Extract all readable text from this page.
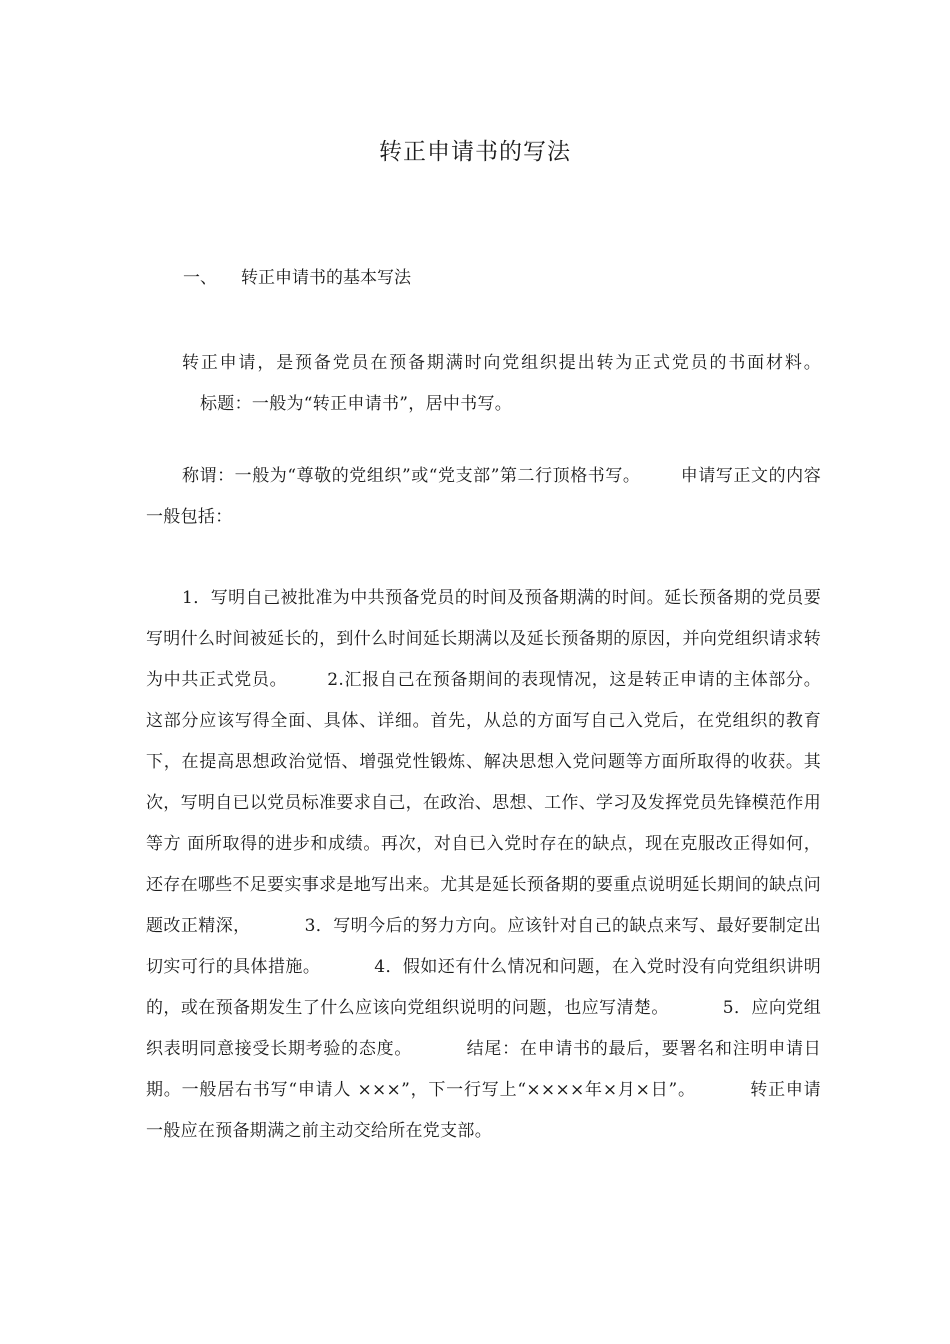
转正申请书的写法
一、 转正申请书的基本写法
转正申请，是预备党员在预备期满时向党组织提出转为正式党员的书面材料。标题：一般为“转正申请书”，居中书写。
称谓：一般为“尊敬的党组织”或“党支部”第二行顶格书写。 申请写正文的内容一般包括：
1．写明自己被批准为中共预备党员的时间及预备期满的时间。延长预备期的党员要写明什么时间被延长的，到什么时间延长期满以及延长预备期的原因，并向党组织请求转为中共正式党员。 2.汇报自己在预备期间的表现情况，这是转正申请的主体部分。这部分应该写得全面、具体、详细。首先，从总的方面写自己入党后，在党组织的教育下，在提高思想政治觉悟、增强党性锻炼、解决思想入党问题等方面所取得的收获。其次，写明自已以党员标准要求自己，在政治、思想、工作、学习及发挥党员先锋模范作用等方 面所取得的进步和成绩。再次，对自已入党时存在的缺点，现在克服改正得如何，还存在哪些不足要实事求是地写出来。尤其是延长预备期的要重点说明延长期间的缺点问题改正精深，	3．写明今后的努力方向。应该针对自己的缺点来写、最好要制定出切实可行的具体措施。	4．假如还有什么情况和问题，在入党时没有向党组织讲明的，或在预备期发生了什么应该向党组织说明的问题，也应写清楚。	5．应向党组织表明同意接受长期考验的态度。	结尾：在申请书的最后，要署名和注明申请日期。一般居右书写“申请人 ×××”，下一行写上“××××年×月×日”。	转正申请一般应在预备期满之前主动交给所在党支部。
